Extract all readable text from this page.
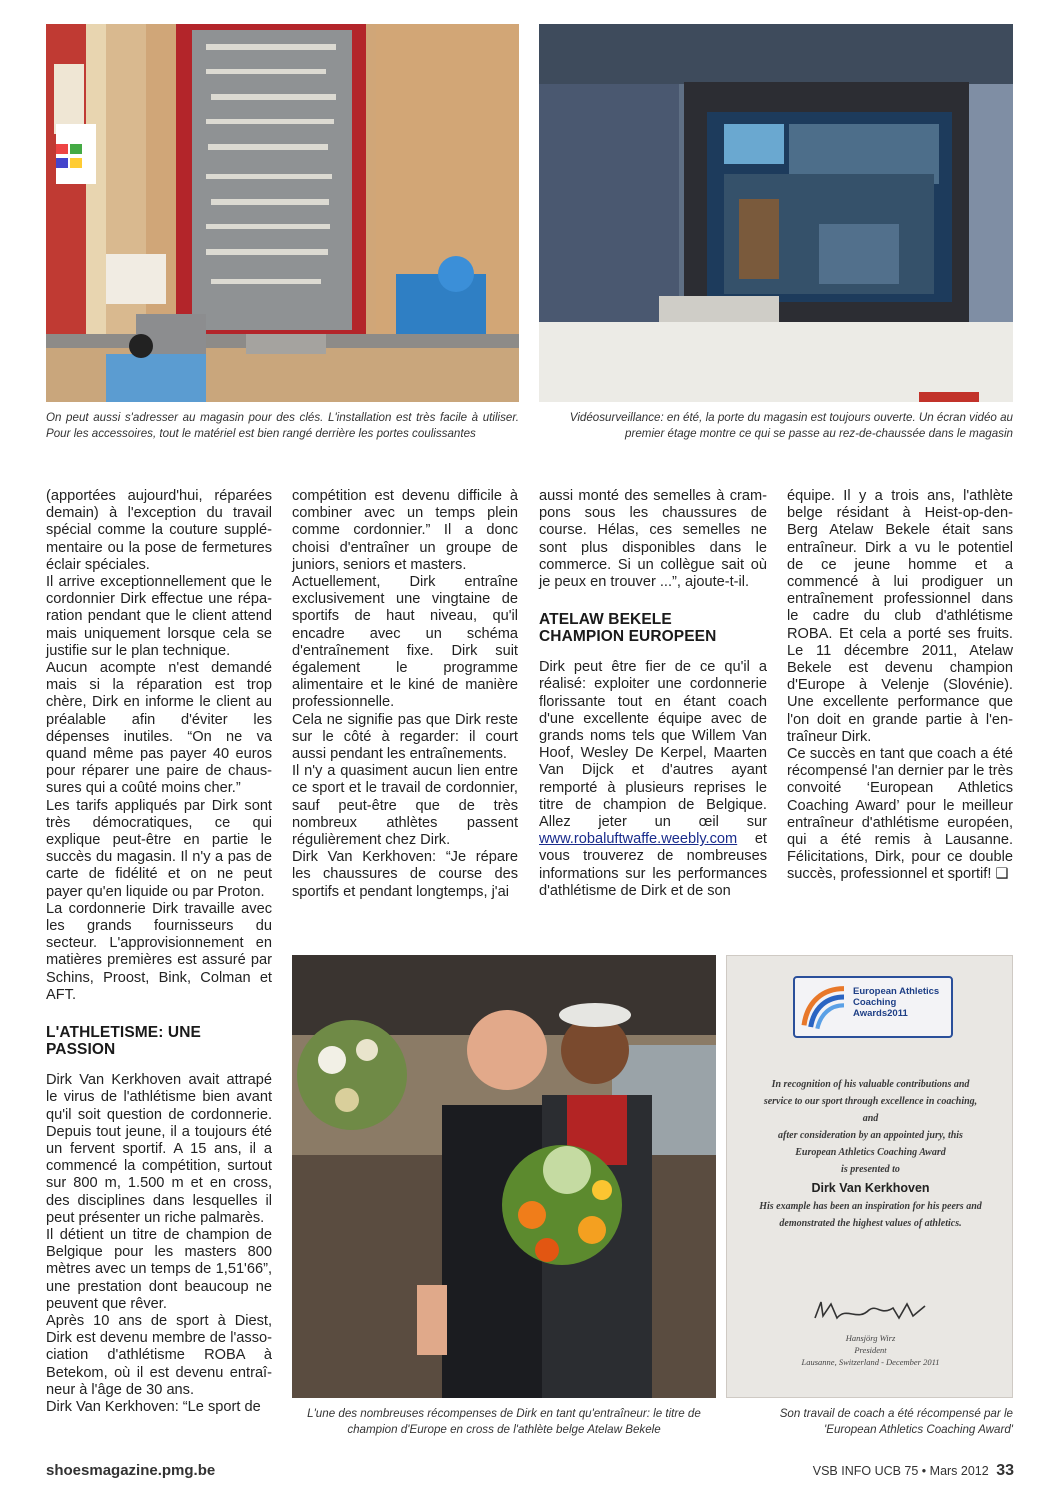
On peut aussi s'adresser au magasin pour des clés. L'installation est très facile à utiliser. Pour les accessoires, tout le matériel est bien rangé derrière les portes coulissantes
Vidéosurveillance: en été, la porte du magasin est toujours ouverte. Un écran vidéo au premier étage montre ce qui se passe au rez-de-chaussée dans le magasin

(apportées aujourd'hui, réparées demain) à l'exception du travail spécial comme la couture supplémentaire ou la pose de fermetures éclair spéciales.

Il arrive exceptionnellement que le cordonnier Dirk effectue une réparation pendant que le client attend mais uniquement lorsque cela se justifie sur le plan technique.

Aucun acompte n'est demandé mais si la réparation est trop chère, Dirk en informe le client au préalable afin d'éviter les dépenses inutiles. “On ne va quand même pas payer 40 euros pour réparer une paire de chaussures qui a coûté moins cher.”

Les tarifs appliqués par Dirk sont très démocratiques, ce qui explique peut-être en partie le succès du magasin. Il n'y a pas de carte de fidélité et on ne peut payer qu'en liquide ou par Proton.

La cordonnerie Dirk travaille avec les grands fournisseurs du secteur. L'approvisionnement en matières premières est assuré par Schins, Proost, Bink, Colman et AFT.

L'ATHLETISME: UNE PASSION

Dirk Van Kerkhoven avait attrapé le virus de l'athlétisme bien avant qu'il soit question de cordonnerie. Depuis tout jeune, il a toujours été un fervent sportif. A 15 ans, il a commencé la compétition, surtout sur 800 m, 1.500 m et en cross, des disciplines dans lesquelles il peut présenter un riche palmarès.

Il détient un titre de champion de Belgique pour les masters 800 mètres avec un temps de 1,51'66”, une prestation dont beaucoup ne peuvent que rêver.

Après 10 ans de sport à Diest, Dirk est devenu membre de l'association d'athlétisme ROBA à Betekom, où il est devenu entraîneur à l'âge de 30 ans.

Dirk Van Kerkhoven: “Le sport de

compétition est devenu difficile à combiner avec un temps plein comme cordonnier.” Il a donc choisi d'entraîner un groupe de juniors, seniors et masters.

Actuellement, Dirk entraîne exclusivement une vingtaine de sportifs de haut niveau, qu'il encadre avec un schéma d'entraînement fixe. Dirk suit également le programme alimentaire et le kiné de manière professionnelle.

Cela ne signifie pas que Dirk reste sur le côté à regarder: il court aussi pendant les entraînements.

Il n'y a quasiment aucun lien entre ce sport et le travail de cordonnier, sauf peut-être que de très nombreux athlètes passent régulièrement chez Dirk.

Dirk Van Kerkhoven: “Je répare les chaussures de course des sportifs et pendant longtemps, j'ai

aussi monté des semelles à crampons sous les chaussures de course. Hélas, ces semelles ne sont plus disponibles dans le commerce. Si un collègue sait où je peux en trouver ...”, ajoute-t-il.

ATELAW BEKELE
CHAMPION EUROPEEN

Dirk peut être fier de ce qu'il a réalisé: exploiter une cordonnerie florissante tout en étant coach d'une excellente équipe avec de grands noms tels que Willem Van Hoof, Wesley De Kerpel, Maarten Van Dijck et d'autres ayant remporté à plusieurs reprises le titre de champion de Belgique. Allez jeter un œil sur www.robaluftwaffe.weebly.com et vous trouverez de nombreuses informations sur les performances d'athlétisme de Dirk et de son

équipe. Il y a trois ans, l'athlète belge résidant à Heist-op-den-Berg Atelaw Bekele était sans entraîneur. Dirk a vu le potentiel de ce jeune homme et a commencé à lui prodiguer un entraînement professionnel dans le cadre du club d'athlétisme ROBA. Et cela a porté ses fruits. Le 11 décembre 2011, Atelaw Bekele est devenu champion d'Europe à Velenje (Slovénie). Une excellente performance que l'on doit en grande partie à l'entraîneur Dirk.

Ce succès en tant que coach a été récompensé l'an dernier par le très convoité ‘European Athletics Coaching Award’ pour le meilleur entraîneur d'athlétisme européen, qui a été remis à Lausanne. Félicitations, Dirk, pour ce double succès, professionnel et sportif! ❑

European Athletics
Coaching
Awards2011
In recognition of his valuable contributions and
service to our sport through excellence in coaching,
and
after consideration by an appointed jury, this
European Athletics Coaching Award
is presented to
Dirk Van Kerkhoven
His example has been an inspiration for his peers and
demonstrated the highest values of athletics.
Hansjörg Wirz
President
Lausanne, Switzerland - December 2011
L'une des nombreuses récompenses de Dirk en tant qu'entraîneur: le titre de champion d'Europe en cross de l'athlète belge Atelaw Bekele
Son travail de coach a été récompensé par le 'European Athletics Coaching Award'
shoesmagazine.pmg.be	VSB INFO UCB 75 • Mars 2012 33
